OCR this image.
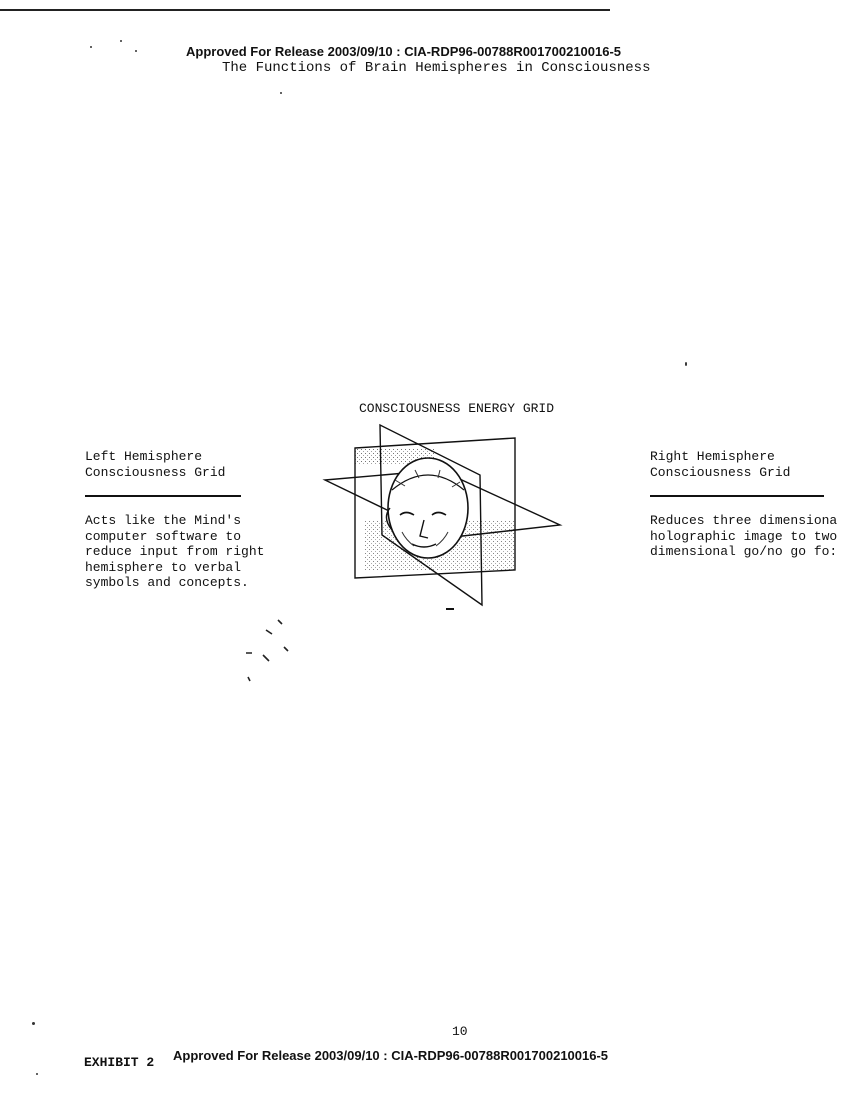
Approved For Release 2003/09/10 : CIA-RDP96-00788R001700210016-5
The Functions of Brain Hemispheres in Consciousness
CONSCIOUSNESS ENERGY GRID
Left Hemisphere
Consciousness Grid
Acts like the Mind's
computer software to
reduce input from right
hemisphere to verbal
symbols and concepts.
Right Hemisphere
Consciousness Grid
Reduces three dimensiona
holographic image to two
dimensional go/no go fo:
10
EXHIBIT 2 Approved For Release 2003/09/10 : CIA-RDP96-00788R001700210016-5
